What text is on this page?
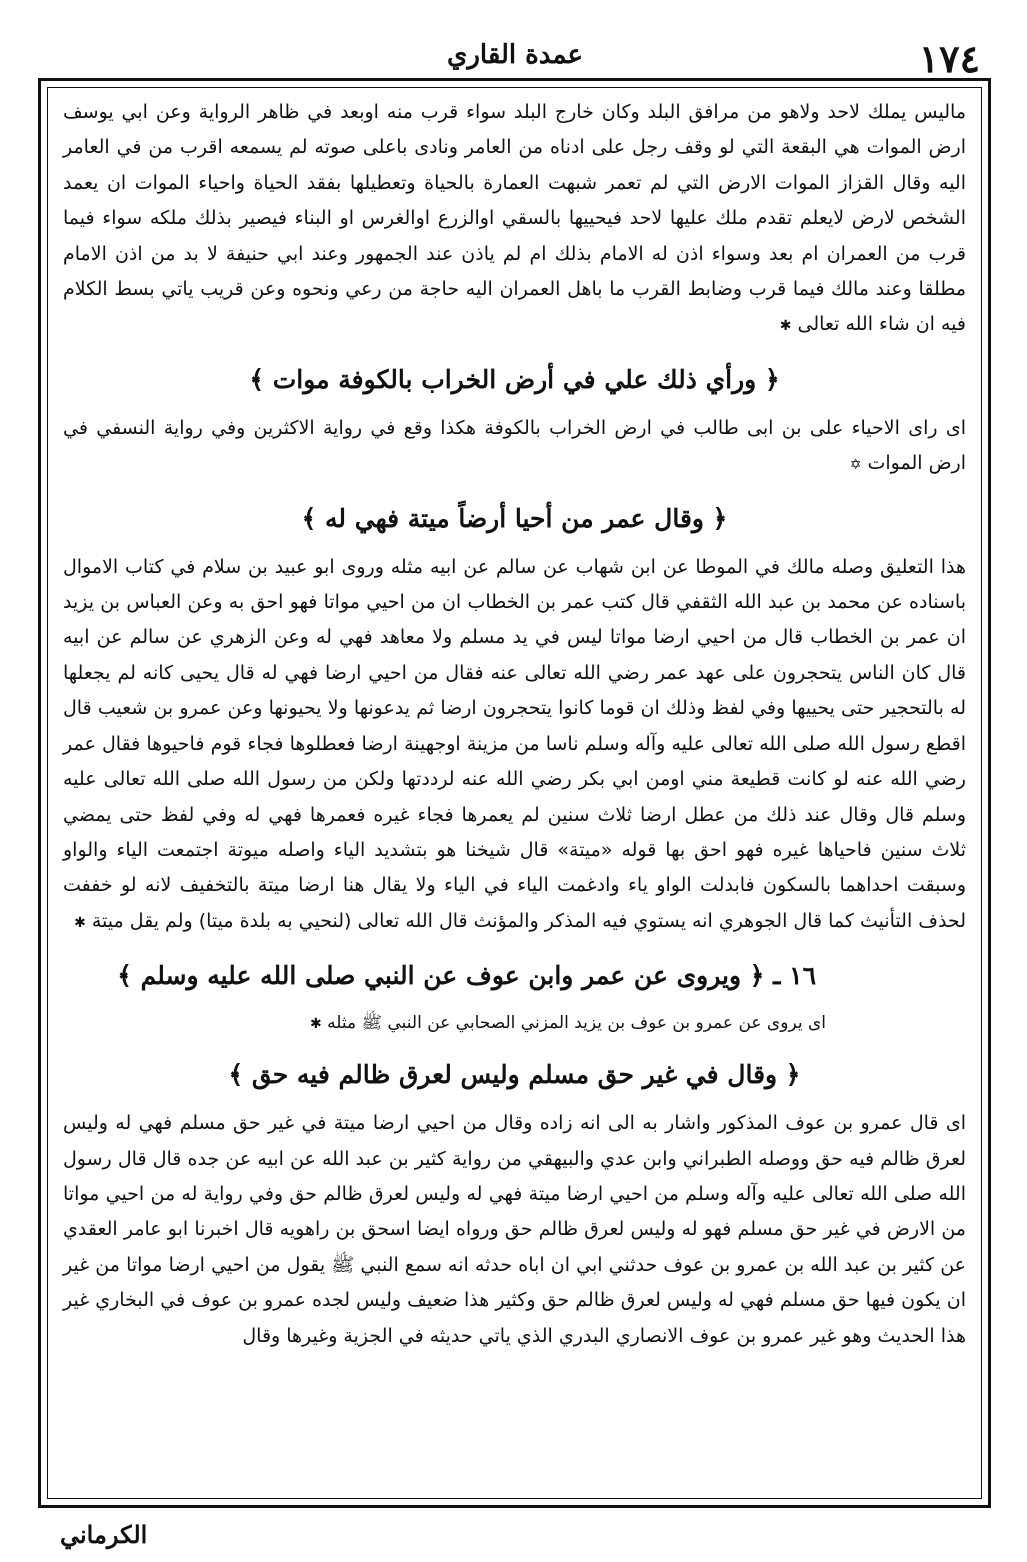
١٧٤
عمدة القاري

ماليس يملك لاحد ولاهو من مرافق البلد وكان خارج البلد سواء قرب منه اوبعد في ظاهر الرواية وعن ابي يوسف ارض الموات هي البقعة التي لو وقف رجل على ادناه من العامر ونادى باعلى صوته لم يسمعه اقرب من في العامر اليه وقال القزاز الموات الارض التي لم تعمر شبهت العمارة بالحياة وتعطيلها بفقد الحياة واحياء الموات ان يعمد الشخص لارض لايعلم تقدم ملك عليها لاحد فيحييها بالسقي اوالزرع اوالغرس او البناء فيصير بذلك ملكه سواء فيما قرب من العمران ام بعد وسواء اذن له الامام بذلك ام لم ياذن عند الجمهور وعند ابي حنيفة لا بد من اذن الامام مطلقا وعند مالك فيما قرب وضابط القرب ما باهل العمران اليه حاجة من رعي ونحوه وعن قريب ياتي بسط الكلام فيه ان شاء الله تعالى ✱

﴿ ورأي ذلك علي في أرض الخراب بالكوفة موات ﴾

اى راى الاحياء على بن ابى طالب في ارض الخراب بالكوفة هكذا وقع في رواية الاكثرين وفي رواية النسفي في ارض الموات ✡

﴿ وقال عمر من أحيا أرضاً ميتة فهي له ﴾

هذا التعليق وصله مالك في الموطا عن ابن شهاب عن سالم عن ابيه مثله وروى ابو عبيد بن سلام في كتاب الاموال باسناده عن محمد بن عبد الله الثقفي قال كتب عمر بن الخطاب ان من احيي مواتا فهو احق به وعن العباس بن يزيد ان عمر بن الخطاب قال من احيي ارضا مواتا ليس في يد مسلم ولا معاهد فهي له وعن الزهري عن سالم عن ابيه قال كان الناس يتحجرون على عهد عمر رضي الله تعالى عنه فقال من احيي ارضا فهي له قال يحيى كانه لم يجعلها له بالتحجير حتى يحييها وفي لفظ وذلك ان قوما كانوا يتحجرون ارضا ثم يدعونها ولا يحيونها وعن عمرو بن شعيب قال اقطع رسول الله صلى الله تعالى عليه وآله وسلم ناسا من مزينة اوجهينة ارضا فعطلوها فجاء قوم فاحيوها فقال عمر رضي الله عنه لو كانت قطيعة مني اومن ابي بكر رضي الله عنه لرددتها ولكن من رسول الله صلى الله تعالى عليه وسلم قال وقال عند ذلك من عطل ارضا ثلاث سنين لم يعمرها فجاء غيره فعمرها فهي له وفي لفظ حتى يمضي ثلاث سنين فاحياها غيره فهو احق بها قوله «ميتة» قال شيخنا هو بتشديد الياء واصله ميوتة اجتمعت الياء والواو وسبقت احداهما بالسكون فابدلت الواو ياء وادغمت الياء في الياء ولا يقال هنا ارضا ميتة بالتخفيف لانه لو خففت لحذف التأنيث كما قال الجوهري انه يستوي فيه المذكر والمؤنث قال الله تعالى (لنحيي به بلدة ميتا) ولم يقل ميتة ✱

١٦ ـ ﴿ ويروى عن عمر وابن عوف عن النبي صلى الله عليه وسلم ﴾

اى يروى عن عمرو بن عوف بن يزيد المزني الصحابي عن النبي ﷺ مثله ✱

﴿ وقال في غير حق مسلم وليس لعرق ظالم فيه حق ﴾

اى قال عمرو بن عوف المذكور واشار به الى انه زاده وقال من احيي ارضا ميتة في غير حق مسلم فهي له وليس لعرق ظالم فيه حق ووصله الطبراني وابن عدي والبيهقي من رواية كثير بن عبد الله عن ابيه عن جده قال قال رسول الله صلى الله تعالى عليه وآله وسلم من احيي ارضا ميتة فهي له وليس لعرق ظالم حق وفي رواية له من احيي مواتا من الارض في غير حق مسلم فهو له وليس لعرق ظالم حق ورواه ايضا اسحق بن راهويه قال اخبرنا ابو عامر العقدي عن كثير بن عبد الله بن عمرو بن عوف حدثني ابي ان اباه حدثه انه سمع النبي ﷺ يقول من احيي ارضا مواتا من غير ان يكون فيها حق مسلم فهي له وليس لعرق ظالم حق وكثير هذا ضعيف وليس لجده عمرو بن عوف في البخاري غير هذا الحديث وهو غير عمرو بن عوف الانصاري البدري الذي ياتي حديثه في الجزية وغيرها وقال

الكرماني
